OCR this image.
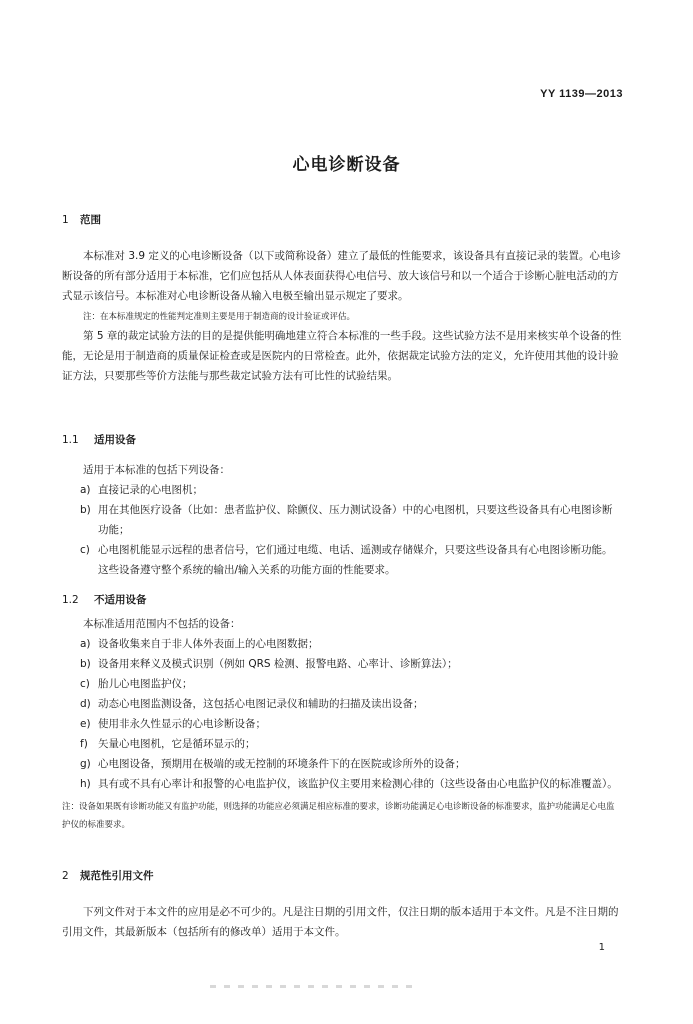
YY 1139—2013
心电诊断设备
1 范围

本标准对 3.9 定义的心电诊断设备（以下或简称设备）建立了最低的性能要求，该设备具有直接记录的装置。心电诊断设备的所有部分适用于本标准，它们应包括从人体表面获得心电信号、放大该信号和以一个适合于诊断心脏电活动的方式显示该信号。本标准对心电诊断设备从输入电极至输出显示规定了要求。

注：在本标准规定的性能判定准则主要是用于制造商的设计验证或评估。

第 5 章的裁定试验方法的目的是提供能明确地建立符合本标准的一些手段。这些试验方法不是用来核实单个设备的性能，无论是用于制造商的质量保证检查或是医院内的日常检查。此外，依据裁定试验方法的定义，允许使用其他的设计验证方法，只要那些等价方法能与那些裁定试验方法有可比性的试验结果。

1.1 适用设备

适用于本标准的包括下列设备：

a) 直接记录的心电图机；
b) 用在其他医疗设备（比如：患者监护仪、除颤仪、压力测试设备）中的心电图机，只要这些设备具有心电图诊断功能；
c) 心电图机能显示远程的患者信号，它们通过电缆、电话、遥测或存储媒介，只要这些设备具有心电图诊断功能。这些设备遵守整个系统的输出/输入关系的功能方面的性能要求。
1.2 不适用设备

本标准适用范围内不包括的设备：

a) 设备收集来自于非人体外表面上的心电图数据；
b) 设备用来释义及模式识别（例如 QRS 检测、报警电路、心率计、诊断算法）；
c) 胎儿心电图监护仪；
d) 动态心电图监测设备，这包括心电图记录仪和辅助的扫描及读出设备；
e) 使用非永久性显示的心电诊断设备；
f) 矢量心电图机，它是循环显示的；
g) 心电图设备，预期用在极端的或无控制的环境条件下的在医院或诊所外的设备；
h) 具有或不具有心率计和报警的心电监护仪，该监护仪主要用来检测心律的（这些设备由心电监护仪的标准覆盖）。

注：设备如果既有诊断功能又有监护功能，则选择的功能应必须满足相应标准的要求，诊断功能满足心电诊断设备的标准要求，监护功能满足心电监护仪的标准要求。

2 规范性引用文件

下列文件对于本文件的应用是必不可少的。凡是注日期的引用文件，仅注日期的版本适用于本文件。凡是不注日期的引用文件，其最新版本（包括所有的修改单）适用于本文件。

1
